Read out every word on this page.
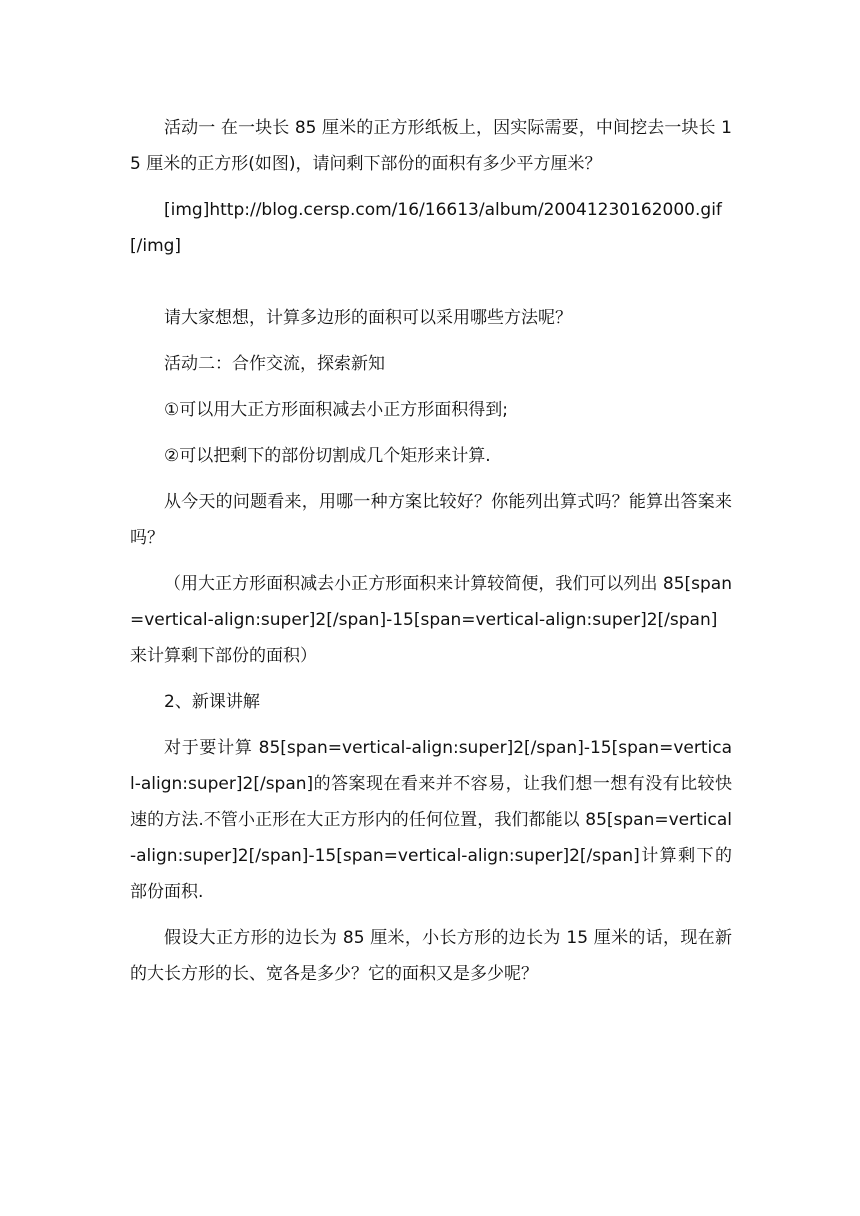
活动一 在一块长 85 厘米的正方形纸板上，因实际需要，中间挖去一块长 15 厘米的正方形(如图)，请问剩下部份的面积有多少平方厘米？

[img]http://blog.cersp.com/16/16613/album/20041230162000.gif[/img]

请大家想想，计算多边形的面积可以采用哪些方法呢？

活动二：合作交流，探索新知

①可以用大正方形面积减去小正方形面积得到;

②可以把剩下的部份切割成几个矩形来计算.

从今天的问题看来，用哪一种方案比较好？你能列出算式吗？能算出答案来吗？

（用大正方形面积减去小正方形面积来计算较简便，我们可以列出 85[span=vertical-align:super]2[/span]-15[span=vertical-align:super]2[/span]来计算剩下部份的面积）

2、新课讲解

对于要计算 85[span=vertical-align:super]2[/span]-15[span=vertical-align:super]2[/span]的答案现在看来并不容易，让我们想一想有没有比较快速的方法.不管小正形在大正方形内的任何位置，我们都能以 85[span=vertical-align:super]2[/span]-15[span=vertical-align:super]2[/span]计算剩下的部份面积.

假设大正方形的边长为 85 厘米，小长方形的边长为 15 厘米的话，现在新的大长方形的长、宽各是多少？它的面积又是多少呢？
